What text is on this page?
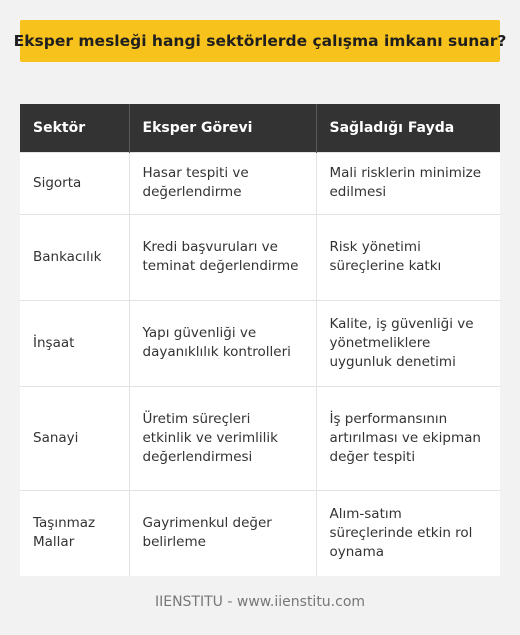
Eksper mesleği hangi sektörlerde çalışma imkanı sunar?
Sektör	Eksper Görevi	Sağladığı Fayda
Sigorta	Hasar tespiti ve değerlendirme	Mali risklerin minimize edilmesi
Bankacılık	Kredi başvuruları ve teminat değerlendirme	Risk yönetimi süreçlerine katkı
İnşaat	Yapı güvenliği ve dayanıklılık kontrolleri	Kalite, iş güvenliği ve yönetmeliklere uygunluk denetimi
Sanayi	Üretim süreçleri etkinlik ve verimlilik değerlendirmesi	İş performansının artırılması ve ekipman değer tespiti
Taşınmaz Mallar	Gayrimenkul değer belirleme	Alım-satım süreçlerinde etkin rol oynama
IIENSTITU - www.iienstitu.com
